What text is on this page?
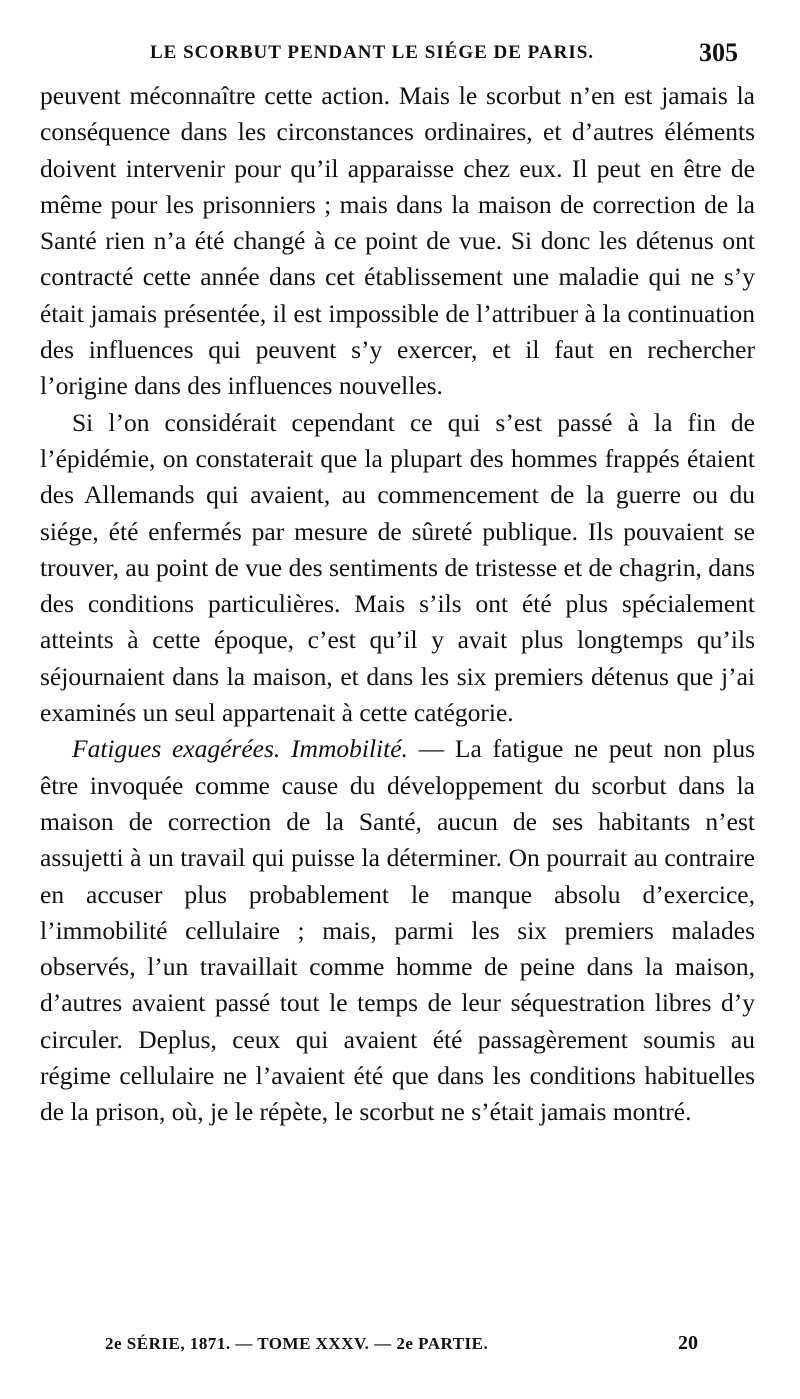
LE SCORBUT PENDANT LE SIÉGE DE PARIS.	305

peuvent méconnaître cette action. Mais le scorbut n’en est jamais la conséquence dans les circonstances ordinaires, et d’autres éléments doivent intervenir pour qu’il apparaisse chez eux. Il peut en être de même pour les prisonniers ; mais dans la maison de correction de la Santé rien n’a été changé à ce point de vue. Si donc les détenus ont contracté cette année dans cet établissement une maladie qui ne s’y était jamais présentée, il est impossible de l’attribuer à la continuation des influences qui peuvent s’y exercer, et il faut en rechercher l’origine dans des influences nouvelles.

Si l’on considérait cependant ce qui s’est passé à la fin de l’épidémie, on constaterait que la plupart des hommes frappés étaient des Allemands qui avaient, au commencement de la guerre ou du siége, été enfermés par mesure de sûreté publique. Ils pouvaient se trouver, au point de vue des sentiments de tristesse et de chagrin, dans des conditions particulières. Mais s’ils ont été plus spécialement atteints à cette époque, c’est qu’il y avait plus longtemps qu’ils séjournaient dans la maison, et dans les six premiers détenus que j’ai examinés un seul appartenait à cette catégorie.

Fatigues exagérées. Immobilité. — La fatigue ne peut non plus être invoquée comme cause du développement du scorbut dans la maison de correction de la Santé, aucun de ses habitants n’est assujetti à un travail qui puisse la déterminer. On pourrait au contraire en accuser plus probablement le manque absolu d’exercice, l’immobilité cellulaire ; mais, parmi les six premiers malades observés, l’un travaillait comme homme de peine dans la maison, d’autres avaient passé tout le temps de leur séquestration libres d’y circuler. Deplus, ceux qui avaient été passagèrement soumis au régime cellulaire ne l’avaient été que dans les conditions habituelles de la prison, où, je le répète, le scorbut ne s’était jamais montré.

2e SÉRIE, 1871. — TOME XXXV. — 2e PARTIE.	20
